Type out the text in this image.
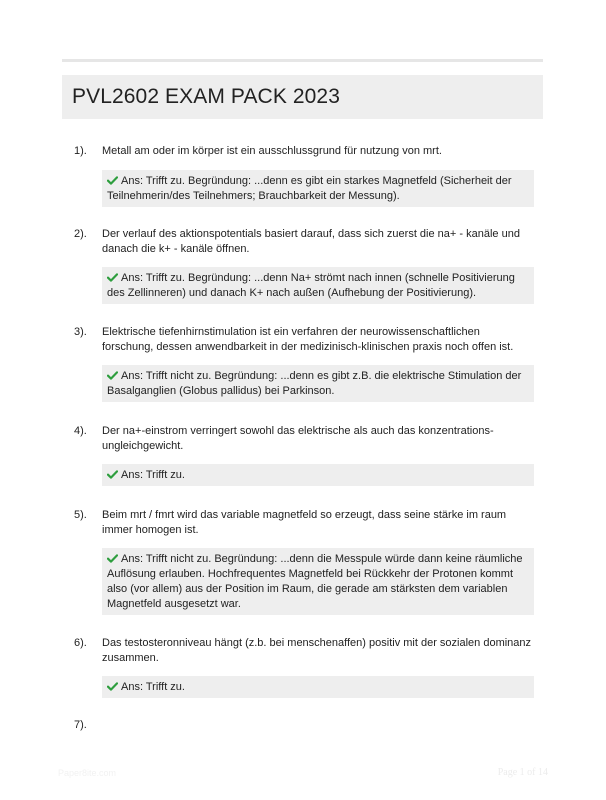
PVL2602 EXAM PACK 2023
1). Metall am oder im körper ist ein ausschlussgrund für nutzung von mrt.
Ans: Trifft zu. Begründung: ...denn es gibt ein starkes Magnetfeld (Sicherheit der Teilnehmerin/des Teilnehmers; Brauchbarkeit der Messung).
2). Der verlauf des aktionspotentials basiert darauf, dass sich zuerst die na+ - kanäle und danach die k+ - kanäle öffnen.
Ans: Trifft zu. Begründung: ...denn Na+ strömt nach innen (schnelle Positivierung des Zellinneren) und danach K+ nach außen (Aufhebung der Positivierung).
3). Elektrische tiefenhirnstimulation ist ein verfahren der neurowissenschaftlichen forschung, dessen anwendbarkeit in der medizinisch-klinischen praxis noch offen ist.
Ans: Trifft nicht zu. Begründung: ...denn es gibt z.B. die elektrische Stimulation der Basalganglien (Globus pallidus) bei Parkinson.
4). Der na+-einstrom verringert sowohl das elektrische als auch das konzentrations-ungleichgewicht.
Ans: Trifft zu.
5). Beim mrt / fmrt wird das variable magnetfeld so erzeugt, dass seine stärke im raum immer homogen ist.
Ans: Trifft nicht zu. Begründung: ...denn die Messpule würde dann keine räumliche Auflösung erlauben. Hochfrequentes Magnetfeld bei Rückkehr der Protonen kommt also (vor allem) aus der Position im Raum, die gerade am stärksten dem variablen Magnetfeld ausgesetzt war.
6). Das testosteronniveau hängt (z.b. bei menschenaffen) positiv mit der sozialen dominanz zusammen.
Ans: Trifft zu.
7).
Paper8ite.com	Page 1 of 14
